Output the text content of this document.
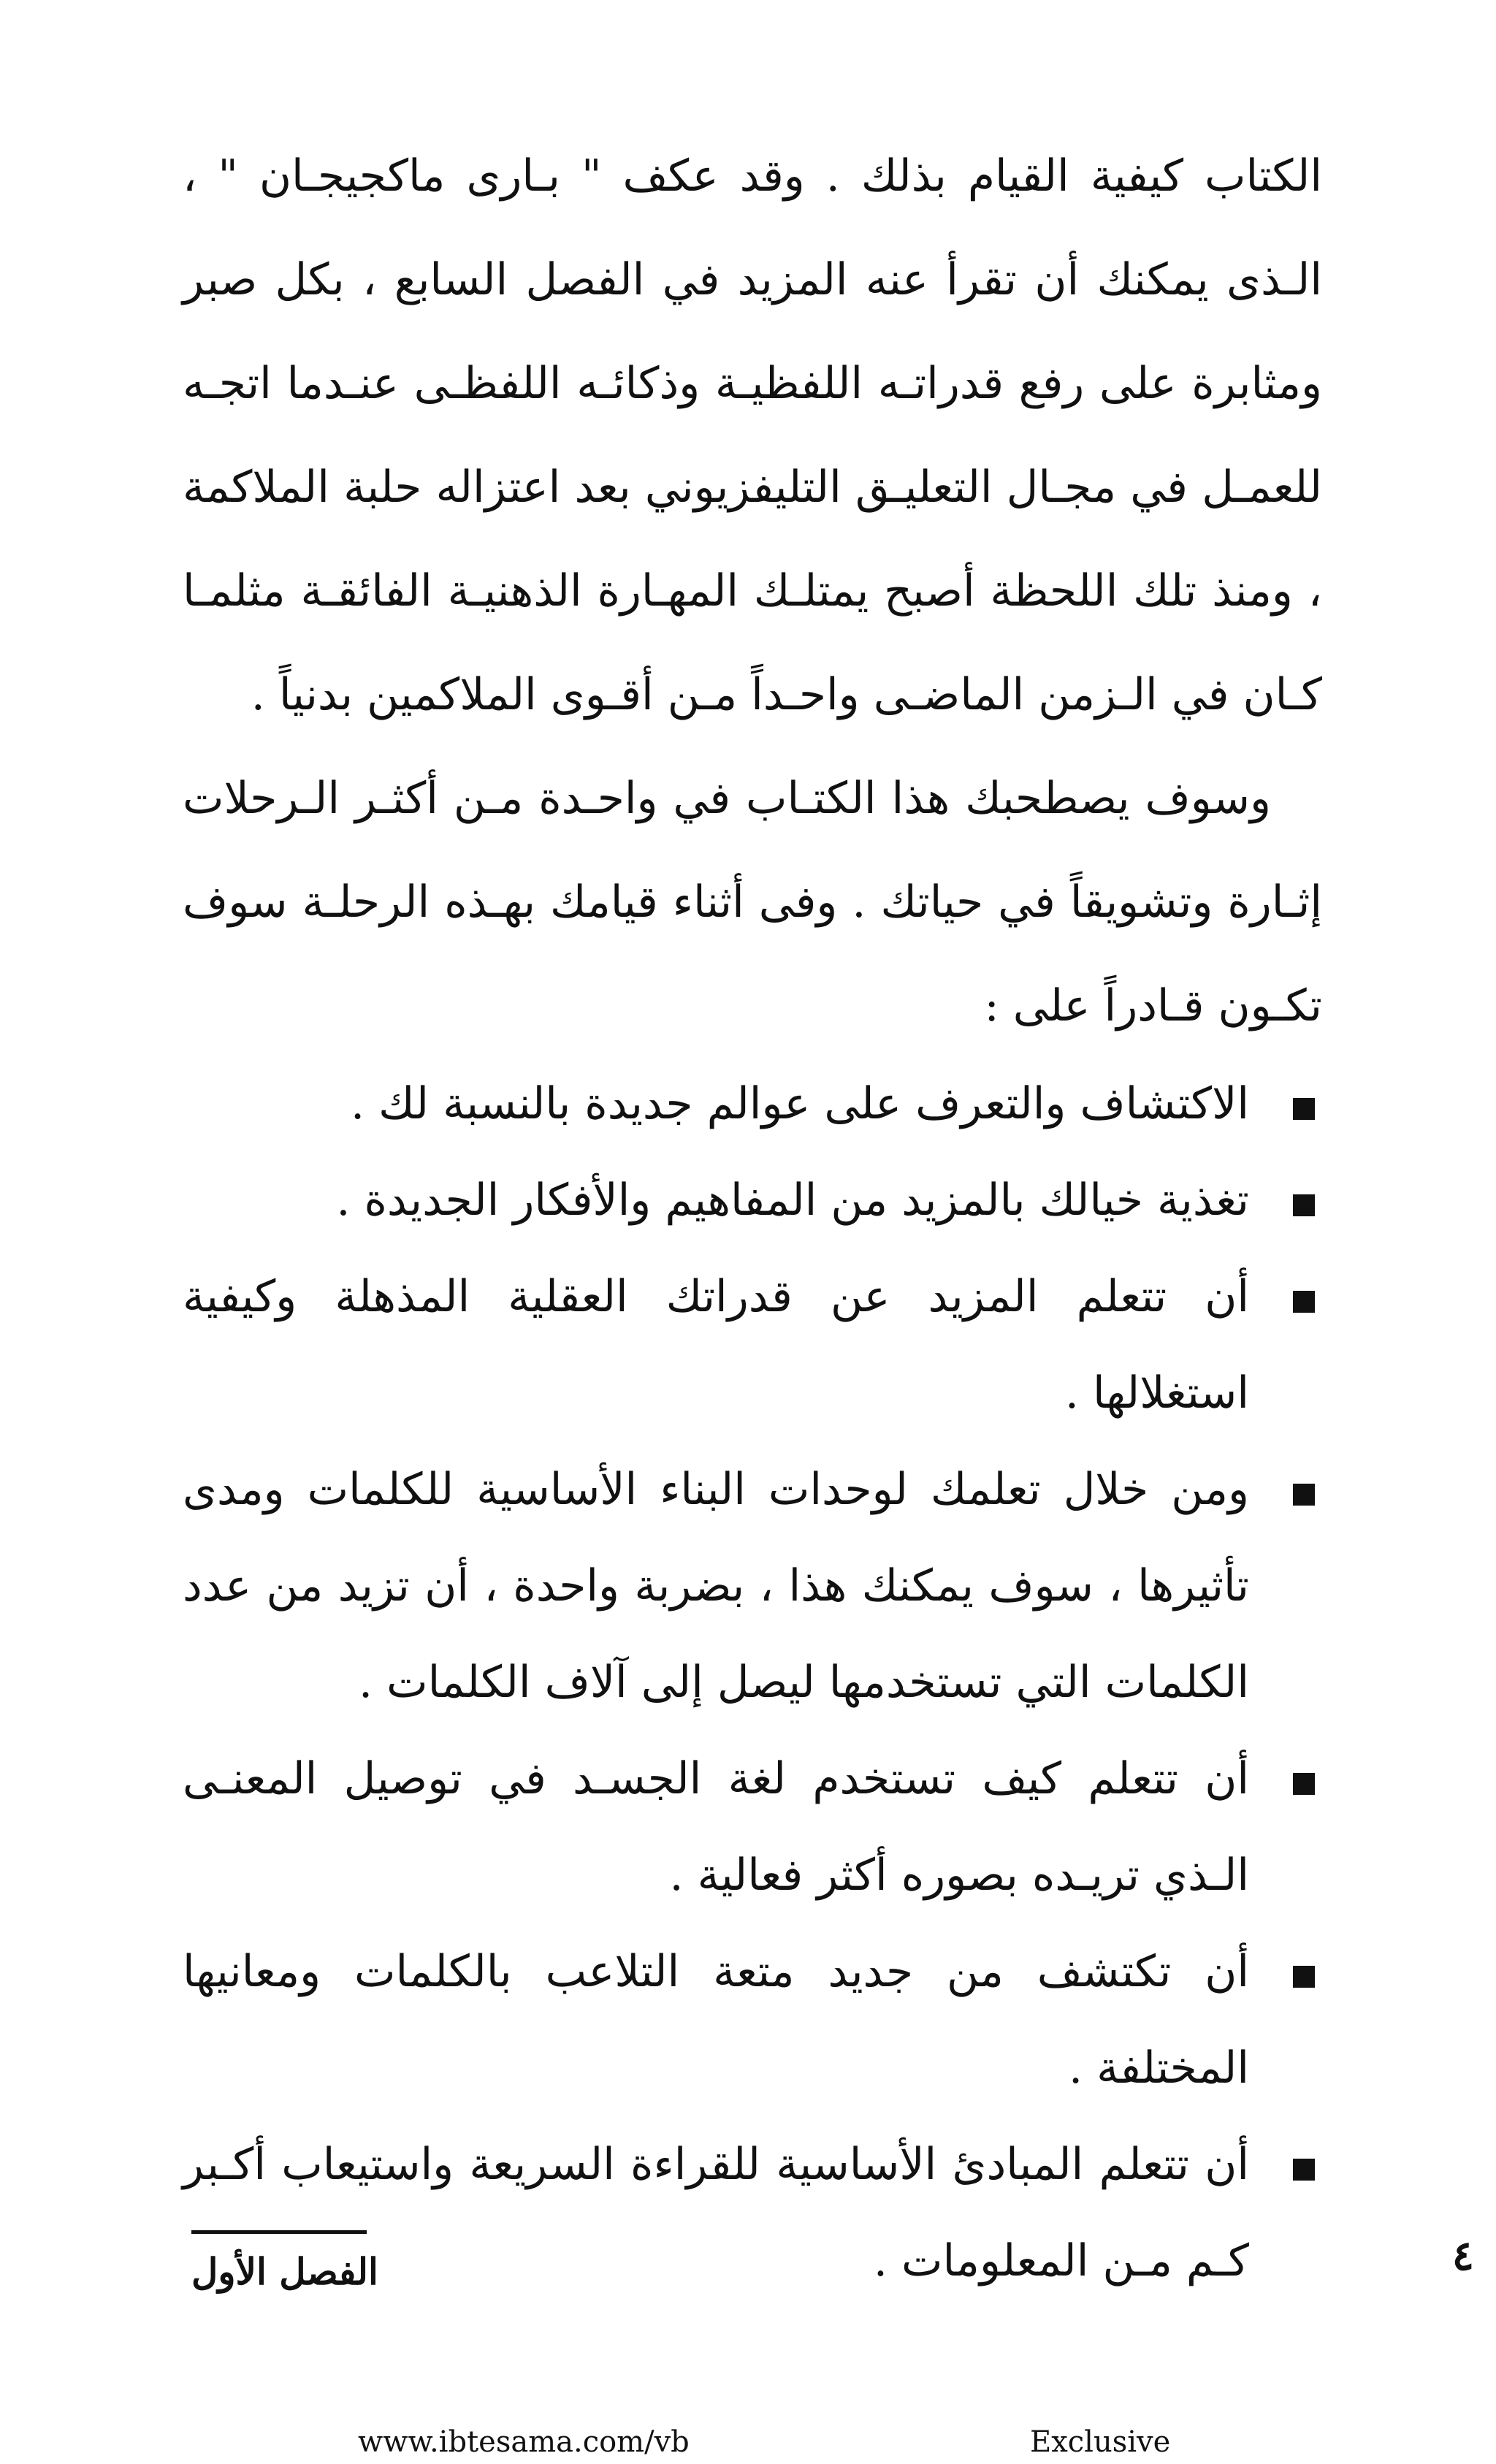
الكتاب كيفية القيام بذلك . وقد عكف " بـارى ماكجيجـان " ، الـذى يمكنك أن تقرأ عنه المزيد في الفصل السابع ، بكل صبر ومثابرة على رفع قدراتـه اللفظيـة وذكائـه اللفظـى عنـدما اتجـه للعمـل في مجـال التعليـق التليفزيوني بعد اعتزاله حلبة الملاكمة ، ومنذ تلك اللحظة أصبح يمتلـك المهـارة الذهنيـة الفائقـة مثلمـا كـان في الـزمن الماضـى واحـداً مـن أقـوى الملاكمين بدنياً .

وسوف يصطحبك هذا الكتـاب في واحـدة مـن أكثـر الـرحلات إثـارة وتشويقاً في حياتك . وفى أثناء قيامك بهـذه الرحلـة سوف تكـون قـادراً على :

الاكتشاف والتعرف على عوالم جديدة بالنسبة لك .
تغذية خيالك بالمزيد من المفاهيم والأفكار الجديدة .
أن تتعلم المزيد عن قدراتك العقلية المذهلة وكيفية استغلالها .
ومن خلال تعلمك لوحدات البناء الأساسية للكلمات ومدى تأثيرها ، سوف يمكنك هذا ، بضربة واحدة ، أن تزيد من عدد الكلمات التي تستخدمها ليصل إلى آلاف الكلمات .
أن تتعلم كيف تستخدم لغة الجسـد في توصيل المعنـى الـذي تريـده بصوره أكثر فعالية .
أن تكتشف من جديد متعة التلاعب بالكلمات ومعانيها المختلفة .
أن تتعلم المبادئ الأساسية للقراءة السريعة واستيعاب أكـبر كـم مـن المعلومات .
الفصل الأول	٤
www.ibtesama.com/vb	Exclusive
